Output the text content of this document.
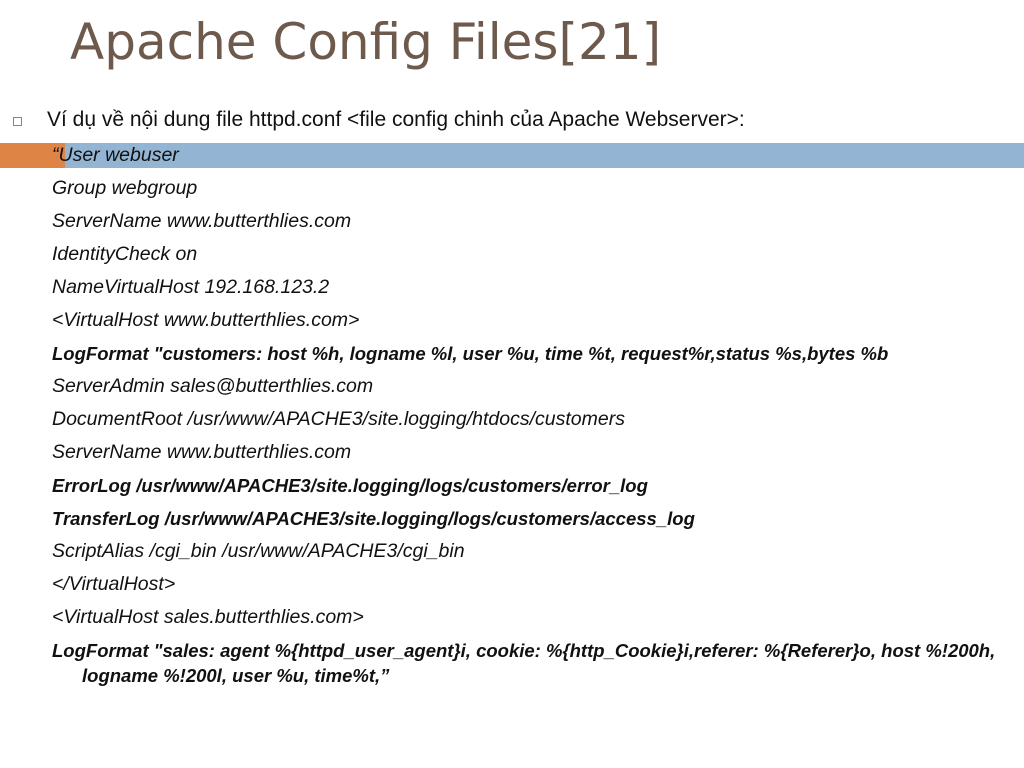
Apache Config Files[21]
Ví dụ về nội dung file httpd.conf <file config chinh của Apache Webserver>:
“User webuser
Group webgroup
ServerName www.butterthlies.com
IdentityCheck on
NameVirtualHost 192.168.123.2
<VirtualHost www.butterthlies.com>
LogFormat "customers: host %h, logname %l, user %u, time %t, request%r,status %s,bytes %b
ServerAdmin sales@butterthlies.com
DocumentRoot /usr/www/APACHE3/site.logging/htdocs/customers
ServerName www.butterthlies.com
ErrorLog /usr/www/APACHE3/site.logging/logs/customers/error_log
TransferLog /usr/www/APACHE3/site.logging/logs/customers/access_log
ScriptAlias /cgi_bin /usr/www/APACHE3/cgi_bin
</VirtualHost>
<VirtualHost sales.butterthlies.com>
LogFormat "sales: agent %{httpd_user_agent}i, cookie: %{http_Cookie}i,referer: %{Referer}o, host %!200h, logname %!200l, user %u, time%t,”
